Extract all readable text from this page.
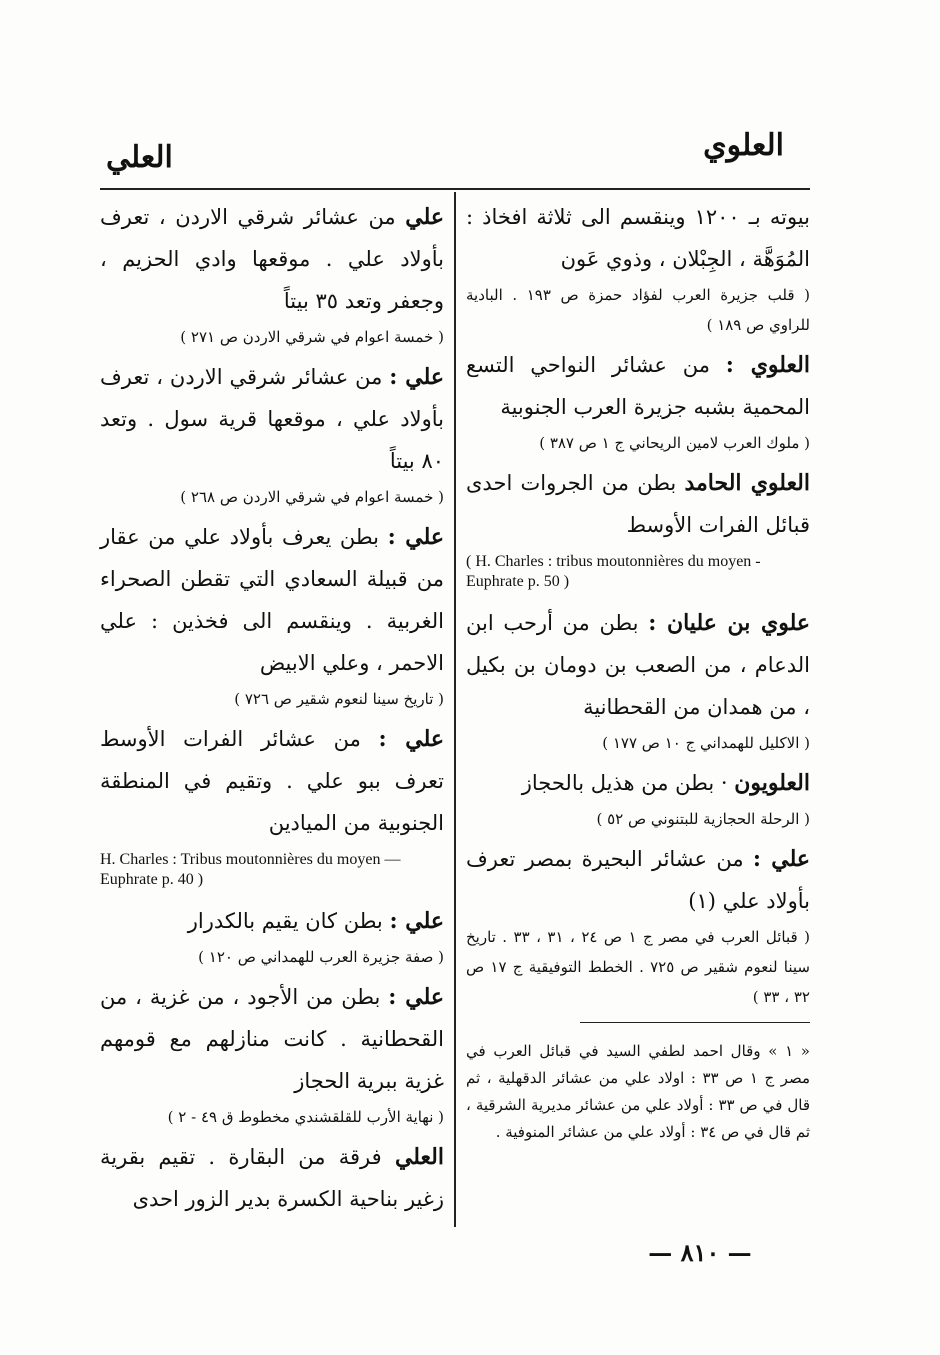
العلوي
العلي

بيوته بـ ١٢٠٠ وينقسم الى ثلاثة افخاذ : المُوَهَّة ، الجِبْلان ، وذوي عَون

( قلب جزيرة العرب لفؤاد حمزة ص ١٩٣ . البادية للراوي ص ١٨٩ )

العلوي : من عشائر النواحي التسع المحمية بشبه جزيرة العرب الجنوبية

( ملوك العرب لامين الريحاني ج ١ ص ٣٨٧ )

العلوي الحامد بطن من الجروات احدى قبائل الفرات الأوسط

( H. Charles : tribus moutonnières du moyen - Euphrate p. 50 )

علوي بن عليان : بطن من أرحب ابن الدعام ، من الصعب بن دومان بن بكيل ، من همدان من القحطانية

( الاكليل للهمداني ج ١٠ ص ١٧٧ )

العلويون · بطن من هذيل بالحجاز

( الرحلة الحجازية للبتنوني ص ٥٢ )

علي : من عشائر البحيرة بمصر تعرف بأولاد علي (١)

( قبائل العرب في مصر ج ١ ص ٢٤ ، ٣١ ، ٣٣ . تاريخ سينا لنعوم شقير ص ٧٢٥ . الخطط التوفيقية ج ١٧ ص ٣٢ ، ٣٣ )

« ١ » وقال احمد لطفي السيد في قبائل العرب في مصر ج ١ ص ٣٣ : اولاد علي من عشائر الدقهلية ، ثم قال في ص ٣٣ : أولاد علي من عشائر مديرية الشرقية ، ثم قال في ص ٣٤ : أولاد علي من عشائر المنوفية .

علي من عشائر شرقي الاردن ، تعرف بأولاد علي . موقعها وادي الحزيم ، وجعفر وتعد ٣٥ بيتاً

( خمسة اعوام في شرقي الاردن ص ٢٧١ )

علي : من عشائر شرقي الاردن ، تعرف بأولاد علي ، موقعها قرية سول . وتعد ٨٠ بيتاً

( خمسة اعوام في شرقي الاردن ص ٢٦٨ )

علي : بطن يعرف بأولاد علي من عقار من قبيلة السعادي التي تقطن الصحراء الغربية . وينقسم الى فخذين : علي الاحمر ، وعلي الابيض

( تاريخ سينا لنعوم شقير ص ٧٢٦ )

علي : من عشائر الفرات الأوسط تعرف ببو علي . وتقيم في المنطقة الجنوبية من الميادين

H. Charles : Tribus moutonnières du moyen — Euphrate p. 40 )

علي : بطن كان يقيم بالكدرار

( صفة جزيرة العرب للهمداني ص ١٢٠ )

علي : بطن من الأجود ، من غزية ، من القحطانية . كانت منازلهم مع قومهم غزية ببرية الحجاز

( نهاية الأرب للقلقشندي مخطوط ق ٤٩ - ٢ )

العلي فرقة من البقارة . تقيم بقرية زغير بناحية الكسرة بدير الزور احدى

— ٨١٠ —
